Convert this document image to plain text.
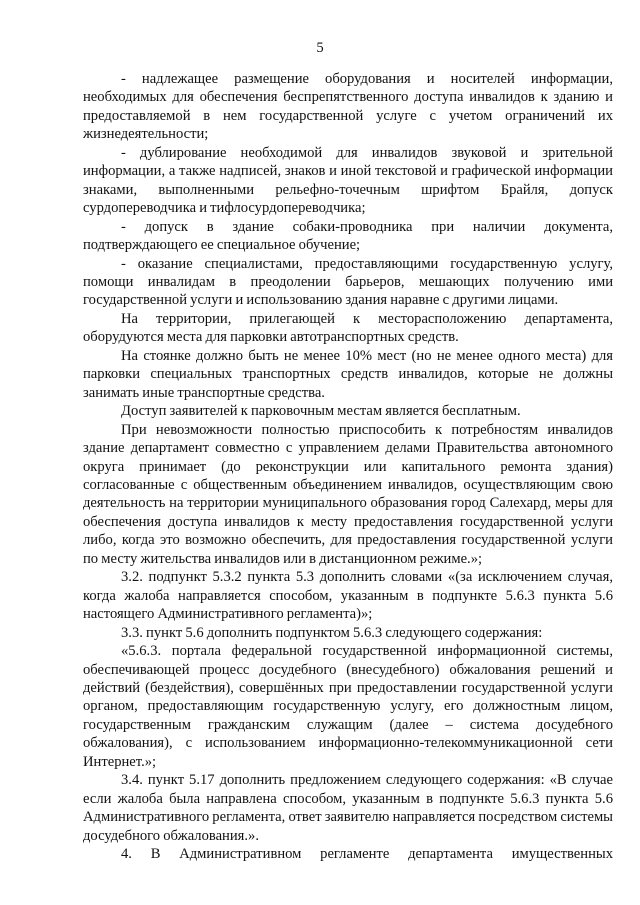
5

- надлежащее размещение оборудования и носителей информации, необходимых для обеспечения беспрепятственного доступа инвалидов к зданию и предоставляемой в нем государственной услуге с учетом ограничений их жизнедеятельности;

- дублирование необходимой для инвалидов звуковой и зрительной информации, а также надписей, знаков и иной текстовой и графической информации знаками, выполненными рельефно-точечным шрифтом Брайля, допуск сурдопереводчика и тифлосурдопереводчика;

- допуск в здание собаки-проводника при наличии документа, подтверждающего ее специальное обучение;

- оказание специалистами, предоставляющими государственную услугу, помощи инвалидам в преодолении барьеров, мешающих получению ими государственной услуги и использованию здания наравне с другими лицами.

На территории, прилегающей к месторасположению департамента, оборудуются места для парковки автотранспортных средств.

На стоянке должно быть не менее 10% мест (но не менее одного места) для парковки специальных транспортных средств инвалидов, которые не должны занимать иные транспортные средства.

Доступ заявителей к парковочным местам является бесплатным.

При невозможности полностью приспособить к потребностям инвалидов здание департамент совместно с управлением делами Правительства автономного округа принимает (до реконструкции или капитального ремонта здания) согласованные с общественным объединением инвалидов, осуществляющим свою деятельность на территории муниципального образования город Салехард, меры для обеспечения доступа инвалидов к месту предоставления государственной услуги либо, когда это возможно обеспечить, для предоставления государственной услуги по месту жительства инвалидов или в дистанционном режиме.»;

3.2. подпункт 5.3.2 пункта 5.3 дополнить словами «(за исключением случая, когда жалоба направляется способом, указанным в подпункте 5.6.3 пункта 5.6 настоящего Административного регламента)»;

3.3. пункт 5.6 дополнить подпунктом 5.6.3 следующего содержания:

«5.6.3. портала федеральной государственной информационной системы, обеспечивающей процесс досудебного (внесудебного) обжалования решений и действий (бездействия), совершённых при предоставлении государственной услуги органом, предоставляющим государственную услугу, его должностным лицом, государственным гражданским служащим (далее – система досудебного обжалования), с использованием информационно-телекоммуникационной сети Интернет.»;

3.4. пункт 5.17 дополнить предложением следующего содержания: «В случае если жалоба была направлена способом, указанным в подпункте 5.6.3 пункта 5.6 Административного регламента, ответ заявителю направляется посредством системы досудебного обжалования.».

4. В Административном регламенте департамента имущественных
